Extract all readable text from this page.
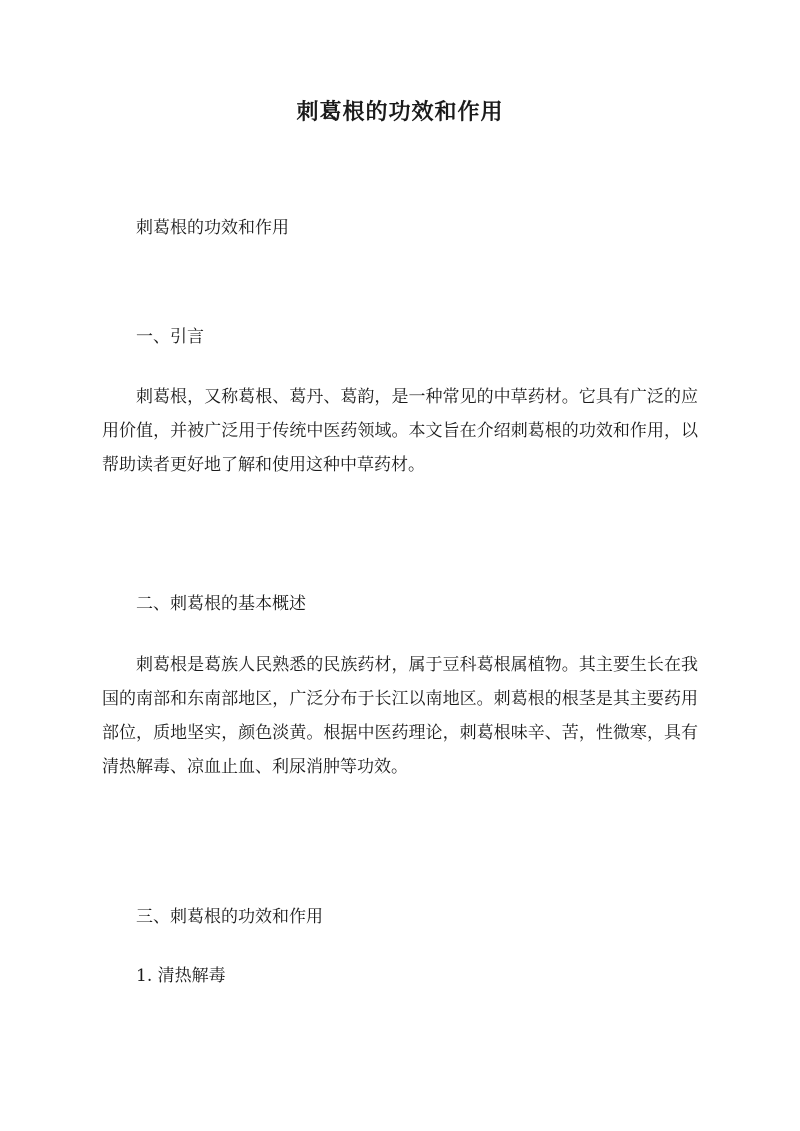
刺葛根的功效和作用

刺葛根的功效和作用

一、引言

刺葛根，又称葛根、葛丹、葛韵，是一种常见的中草药材。它具有广泛的应用价值，并被广泛用于传统中医药领域。本文旨在介绍刺葛根的功效和作用，以帮助读者更好地了解和使用这种中草药材。

二、刺葛根的基本概述

刺葛根是葛族人民熟悉的民族药材，属于豆科葛根属植物。其主要生长在我国的南部和东南部地区，广泛分布于长江以南地区。刺葛根的根茎是其主要药用部位，质地坚实，颜色淡黄。根据中医药理论，刺葛根味辛、苦，性微寒，具有清热解毒、凉血止血、利尿消肿等功效。

三、刺葛根的功效和作用

1. 清热解毒
